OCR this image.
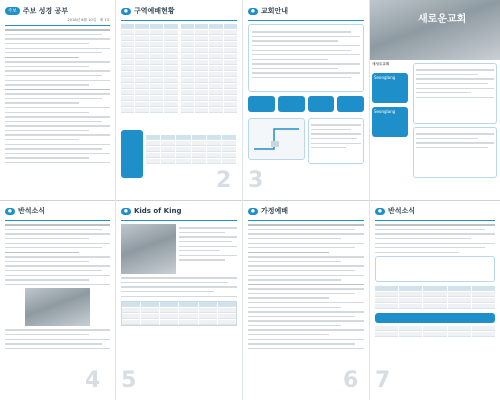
주보 주보 성경 공부
2018년 6월 10일 · 제 7호
● 구역예배현황
2
● 교회안내
3
새로운교회
새성도교회
Seonglang
Seonglang
● 반석소식
4
● Kids of King
5
● 가정예배
6
● 반석소식
7
